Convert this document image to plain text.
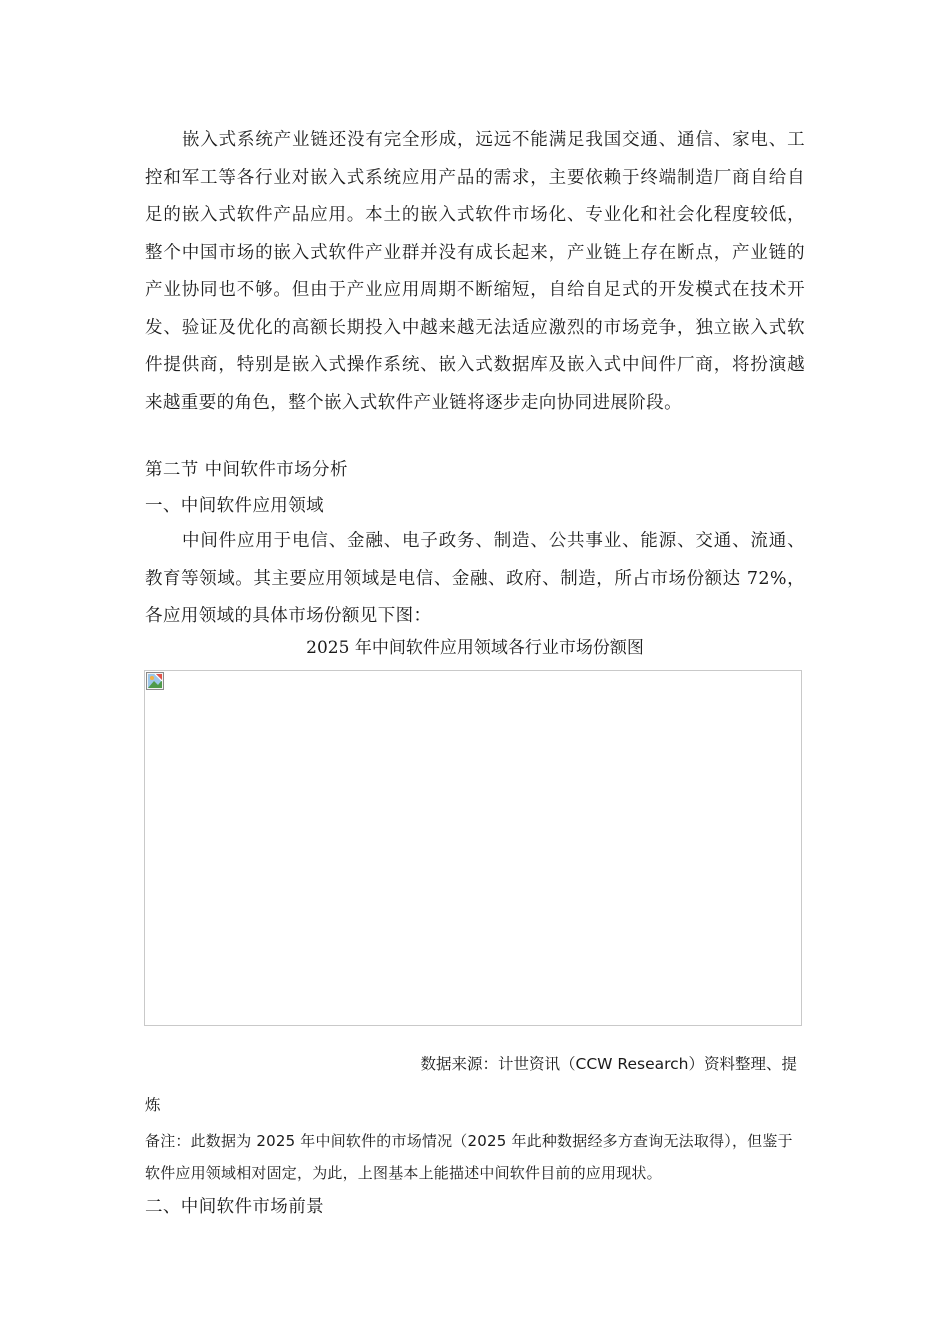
嵌入式系统产业链还没有完全形成，远远不能满足我国交通、通信、家电、工控和军工等各行业对嵌入式系统应用产品的需求，主要依赖于终端制造厂商自给自足的嵌入式软件产品应用。本土的嵌入式软件市场化、专业化和社会化程度较低，整个中国市场的嵌入式软件产业群并没有成长起来，产业链上存在断点，产业链的产业协同也不够。但由于产业应用周期不断缩短，自给自足式的开发模式在技术开发、验证及优化的高额长期投入中越来越无法适应激烈的市场竞争，独立嵌入式软件提供商，特别是嵌入式操作系统、嵌入式数据库及嵌入式中间件厂商，将扮演越来越重要的角色，整个嵌入式软件产业链将逐步走向协同进展阶段。

第二节 中间软件市场分析

一、中间软件应用领域

中间件应用于电信、金融、电子政务、制造、公共事业、能源、交通、流通、教育等领域。其主要应用领域是电信、金融、政府、制造，所占市场份额达 72%，各应用领域的具体市场份额见下图：

2025 年中间软件应用领域各行业市场份额图

数据来源：计世资讯（CCW Research）资料整理、提

炼

备注：此数据为 2025 年中间软件的市场情况（2025 年此种数据经多方查询无法取得），但鉴于软件应用领域相对固定，为此，上图基本上能描述中间软件目前的应用现状。

二、中间软件市场前景
